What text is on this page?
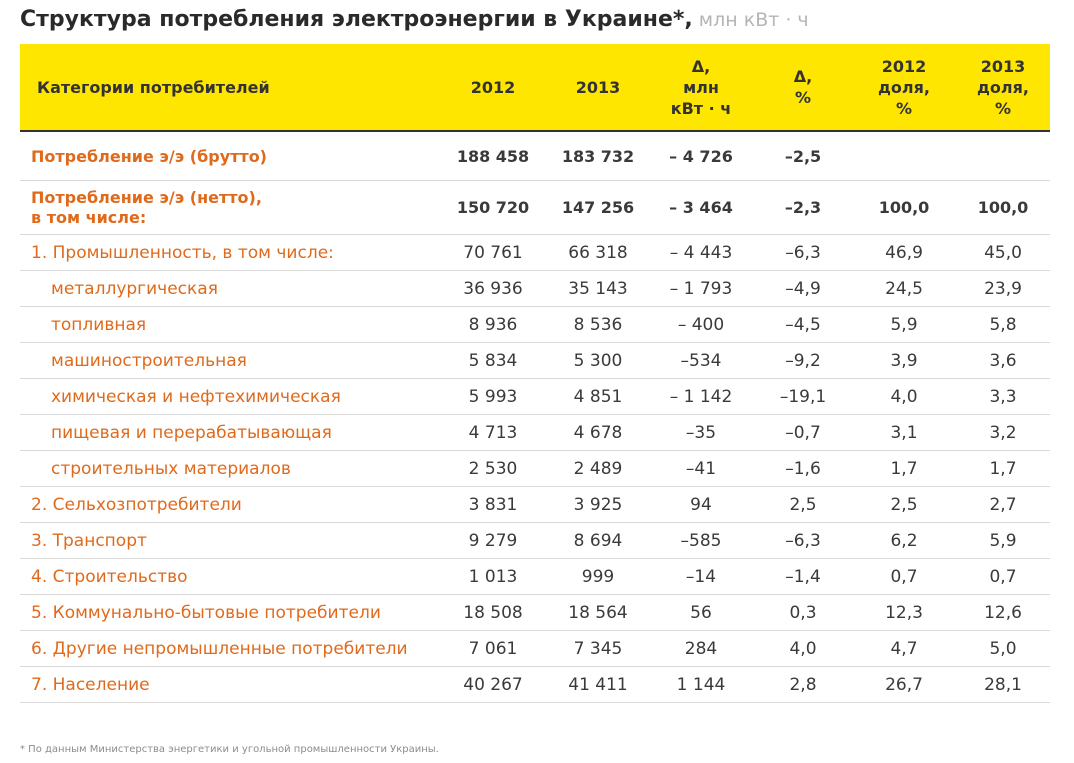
Структура потребления электроэнергии в Украине*, млн кВт · ч
Категории потребителей	2012	2013	Δ,
млн
кВт · ч	Δ,
%	2012
доля,
%	2013
доля,
%
Потребление э/э (брутто)	188 458	183 732	– 4 726	–2,5		
Потребление э/э (нетто),
в том числе:	150 720	147 256	– 3 464	–2,3	100,0	100,0
1. Промышленность, в том числе:	70 761	66 318	– 4 443	–6,3	46,9	45,0
металлургическая	36 936	35 143	– 1 793	–4,9	24,5	23,9
топливная	8 936	8 536	– 400	–4,5	5,9	5,8
машиностроительная	5 834	5 300	–534	–9,2	3,9	3,6
химическая и нефтехимическая	5 993	4 851	– 1 142	–19,1	4,0	3,3
пищевая и перерабатывающая	4 713	4 678	–35	–0,7	3,1	3,2
строительных материалов	2 530	2 489	–41	–1,6	1,7	1,7
2. Сельхозпотребители	3 831	3 925	94	2,5	2,5	2,7
3. Транспорт	9 279	8 694	–585	–6,3	6,2	5,9
4. Строительство	1 013	999	–14	–1,4	0,7	0,7
5. Коммунально-бытовые потребители	18 508	18 564	56	0,3	12,3	12,6
6. Другие непромышленные потребители	7 061	7 345	284	4,0	4,7	5,0
7. Население	40 267	41 411	1 144	2,8	26,7	28,1
* По данным Министерства энергетики и угольной промышленности Украины.
